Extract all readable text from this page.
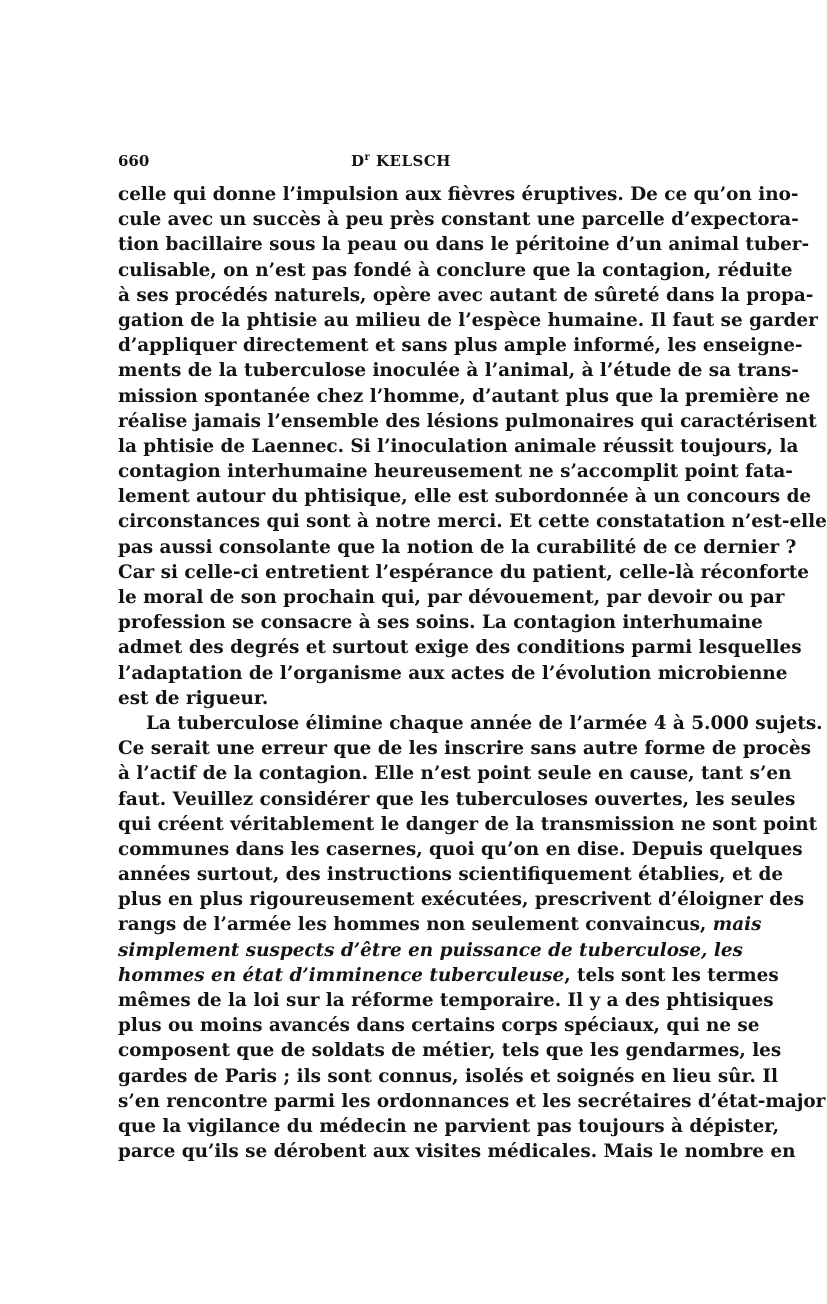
660	$D^r$ KELSCH
celle qui donne l’impulsion aux fièvres éruptives. De ce qu’on ino-
cule avec un succès à peu près constant une parcelle d’expectora-
tion bacillaire sous la peau ou dans le péritoine d’un animal tuber-
culisable, on n’est pas fondé à conclure que la contagion, réduite
à ses procédés naturels, opère avec autant de sûreté dans la propa-
gation de la phtisie au milieu de l’espèce humaine. Il faut se garder
d’appliquer directement et sans plus ample informé, les enseigne-
ments de la tuberculose inoculée à l’animal, à l’étude de sa trans-
mission spontanée chez l’homme, d’autant plus que la première ne
réalise jamais l’ensemble des lésions pulmonaires qui caractérisent
la phtisie de Laennec. Si l’inoculation animale réussit toujours, la
contagion interhumaine heureusement ne s’accomplit point fata-
lement autour du phtisique, elle est subordonnée à un concours de
circonstances qui sont à notre merci. Et cette constatation n’est-elle
pas aussi consolante que la notion de la curabilité de ce dernier ?
Car si celle-ci entretient l’espérance du patient, celle-là réconforte
le moral de son prochain qui, par dévouement, par devoir ou par
profession se consacre à ses soins. La contagion interhumaine
admet des degrés et surtout exige des conditions parmi lesquelles
l’adaptation de l’organisme aux actes de l’évolution microbienne
est de rigueur.
La tuberculose élimine chaque année de l’armée 4 à 5.000 sujets.
Ce serait une erreur que de les inscrire sans autre forme de procès
à l’actif de la contagion. Elle n’est point seule en cause, tant s’en
faut. Veuillez considérer que les tuberculoses ouvertes, les seules
qui créent véritablement le danger de la transmission ne sont point
communes dans les casernes, quoi qu’on en dise. Depuis quelques
années surtout, des instructions scientifiquement établies, et de
plus en plus rigoureusement exécutées, prescrivent d’éloigner des
rangs de l’armée les hommes non seulement convaincus, mais
simplement suspects d’être en puissance de tuberculose, les
hommes en état d’imminence tuberculeuse, tels sont les termes
mêmes de la loi sur la réforme temporaire. Il y a des phtisiques
plus ou moins avancés dans certains corps spéciaux, qui ne se
composent que de soldats de métier, tels que les gendarmes, les
gardes de Paris ; ils sont connus, isolés et soignés en lieu sûr. Il
s’en rencontre parmi les ordonnances et les secrétaires d’état-major
que la vigilance du médecin ne parvient pas toujours à dépister,
parce qu’ils se dérobent aux visites médicales. Mais le nombre en
